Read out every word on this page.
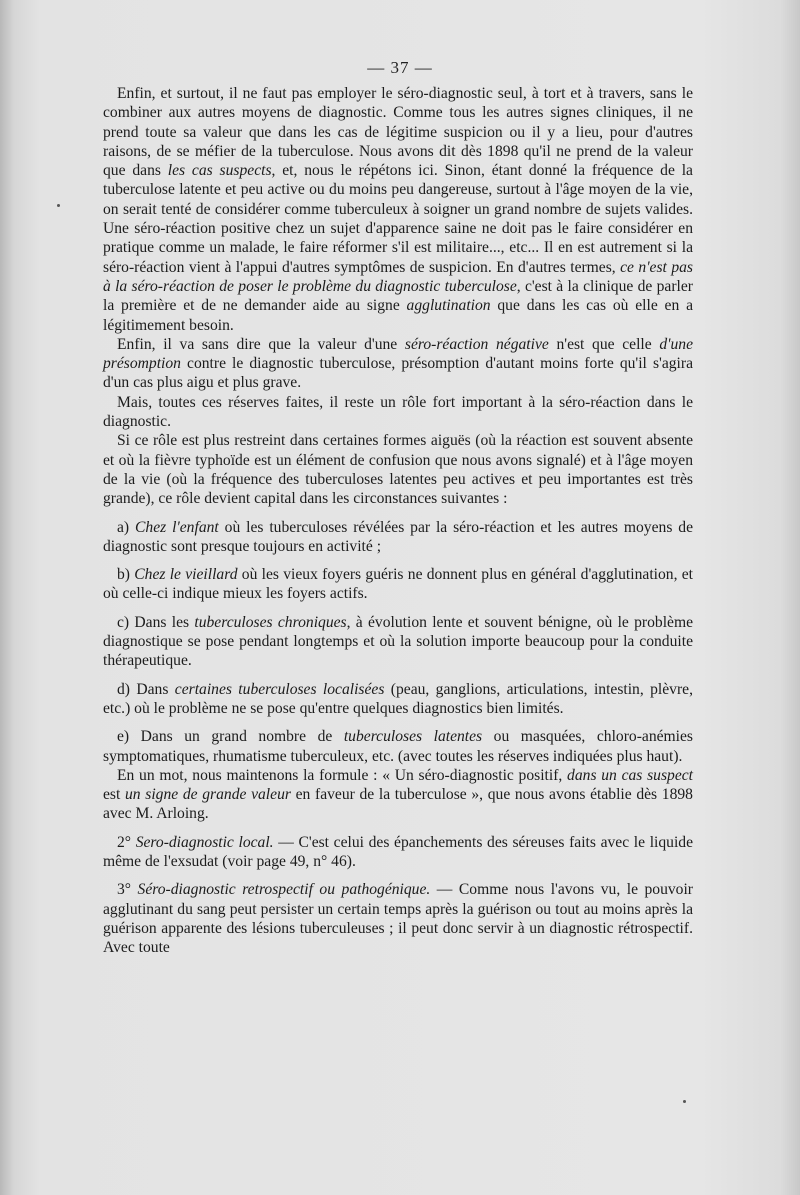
— 37 —

Enfin, et surtout, il ne faut pas employer le séro-diagnostic seul, à tort et à travers, sans le combiner aux autres moyens de diagnostic. Comme tous les autres signes cliniques, il ne prend toute sa valeur que dans les cas de légitime suspicion ou il y a lieu, pour d'autres raisons, de se méfier de la tuberculose. Nous avons dit dès 1898 qu'il ne prend de la valeur que dans les cas suspects, et, nous le répétons ici. Sinon, étant donné la fréquence de la tuberculose latente et peu active ou du moins peu dangereuse, surtout à l'âge moyen de la vie, on serait tenté de considérer comme tuberculeux à soigner un grand nombre de sujets valides. Une séro-réaction positive chez un sujet d'apparence saine ne doit pas le faire considérer en pratique comme un malade, le faire réformer s'il est militaire..., etc... Il en est autrement si la séro-réaction vient à l'appui d'autres symptômes de suspicion. En d'autres termes, ce n'est pas à la séro-réaction de poser le problème du diagnostic tuberculose, c'est à la clinique de parler la première et de ne demander aide au signe agglutination que dans les cas où elle en a légitimement besoin.

Enfin, il va sans dire que la valeur d'une séro-réaction négative n'est que celle d'une présomption contre le diagnostic tuberculose, présomption d'autant moins forte qu'il s'agira d'un cas plus aigu et plus grave.

Mais, toutes ces réserves faites, il reste un rôle fort important à la séro-réaction dans le diagnostic.

Si ce rôle est plus restreint dans certaines formes aiguës (où la réaction est souvent absente et où la fièvre typhoïde est un élément de confusion que nous avons signalé) et à l'âge moyen de la vie (où la fréquence des tuberculoses latentes peu actives et peu importantes est très grande), ce rôle devient capital dans les circonstances suivantes :

a) Chez l'enfant où les tuberculoses révélées par la séro-réaction et les autres moyens de diagnostic sont presque toujours en activité ;

b) Chez le vieillard où les vieux foyers guéris ne donnent plus en général d'agglutination, et où celle-ci indique mieux les foyers actifs.

c) Dans les tuberculoses chroniques, à évolution lente et souvent bénigne, où le problème diagnostique se pose pendant longtemps et où la solution importe beaucoup pour la conduite thérapeutique.

d) Dans certaines tuberculoses localisées (peau, ganglions, articulations, intestin, plèvre, etc.) où le problème ne se pose qu'entre quelques diagnostics bien limités.

e) Dans un grand nombre de tuberculoses latentes ou masquées, chloro-anémies symptomatiques, rhumatisme tuberculeux, etc. (avec toutes les réserves indiquées plus haut).

En un mot, nous maintenons la formule : « Un séro-diagnostic positif, dans un cas suspect est un signe de grande valeur en faveur de la tuberculose », que nous avons établie dès 1898 avec M. Arloing.

2° Sero-diagnostic local. — C'est celui des épanchements des séreuses faits avec le liquide même de l'exsudat (voir page 49, n° 46).

3° Séro-diagnostic retrospectif ou pathogénique. — Comme nous l'avons vu, le pouvoir agglutinant du sang peut persister un certain temps après la guérison ou tout au moins après la guérison apparente des lésions tuberculeuses ; il peut donc servir à un diagnostic rétrospectif. Avec toute
